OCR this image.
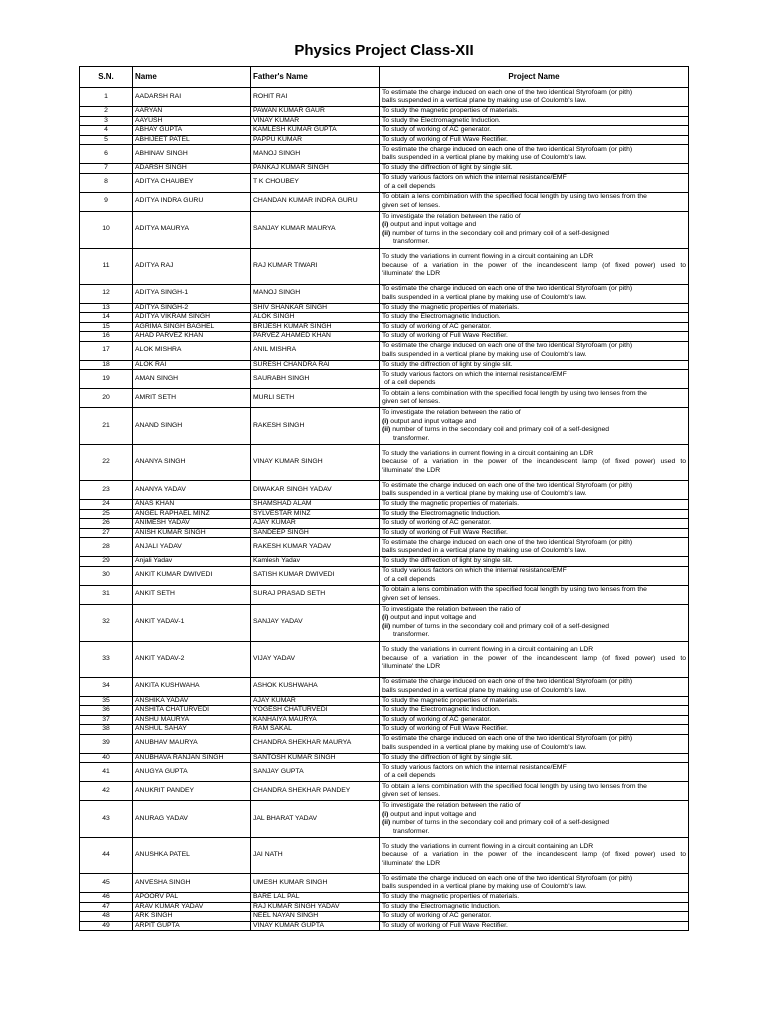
Physics Project Class-XII
S.N.	Name	Father's Name	Project Name
1	AADARSH RAI	ROHIT RAI	To estimate the charge induced on each one of the two identical Styrofoam (or pith)
balls suspended in a vertical plane by making use of Coulomb's law.

2	AARYAN	PAWAN KUMAR GAUR	To study the magnetic properties of materials.

3	AAYUSH	VINAY KUMAR	To study the Electromagnetic Induction.

4	ABHAY GUPTA	KAMLESH KUMAR GUPTA	To study of working of AC generator.

5	ABHIJEET PATEL	PAPPU KUMAR	To study of working of Full Wave Rectifier.

6	ABHINAV SINGH	MANOJ SINGH	To estimate the charge induced on each one of the two identical Styrofoam (or pith)
balls suspended in a vertical plane by making use of Coulomb's law.

7	ADARSH SINGH	PANKAJ KUMAR SINGH	To study the diffrection of light by single slit.

8	ADITYA CHAUBEY	T K CHOUBEY	To study various factors on which the internal resistance/EMF
of a cell depends

9	ADITYA INDRA GURU	CHANDAN KUMAR INDRA GURU	To obtain a lens combination with the specified focal length by using two lenses from the
given set of lenses.

10	ADITYA MAURYA	SANJAY KUMAR MAURYA	To investigate the relation between the ratio of
(i) output and input voltage and
(ii) number of turns in the secondary coil and primary coil of a self-designed
transformer.

11	ADITYA RAJ	RAJ KUMAR TIWARI	To study the variations in current flowing in a circuit containing an LDR
because of a variation in the power of the incandescent lamp (of fixed power) used to
'illuminate' the LDR

12	ADITYA SINGH-1	MANOJ SINGH	To estimate the charge induced on each one of the two identical Styrofoam (or pith)
balls suspended in a vertical plane by making use of Coulomb's law.

13	ADITYA SINGH-2	SHIV SHANKAR SINGH	To study the magnetic properties of materials.

14	ADITYA VIKRAM SINGH	ALOK SINGH	To study the Electromagnetic Induction.

15	AGRIMA SINGH BAGHEL	BRIJESH KUMAR SINGH	To study of working of AC generator.

16	AHAD PARVEZ KHAN	PARVEZ AHAMED KHAN	To study of working of Full Wave Rectifier.

17	ALOK MISHRA	ANIL MISHRA	To estimate the charge induced on each one of the two identical Styrofoam (or pith)
balls suspended in a vertical plane by making use of Coulomb's law.

18	ALOK RAI	SURESH CHANDRA RAI	To study the diffrection of light by single slit.

19	AMAN SINGH	SAURABH SINGH	To study various factors on which the internal resistance/EMF
of a cell depends

20	AMRIT SETH	MURLI SETH	To obtain a lens combination with the specified focal length by using two lenses from the
given set of lenses.

21	ANAND SINGH	RAKESH SINGH	To investigate the relation between the ratio of
(i) output and input voltage and
(ii) number of turns in the secondary coil and primary coil of a self-designed
transformer.

22	ANANYA SINGH	VINAY KUMAR SINGH	To study the variations in current flowing in a circuit containing an LDR
because of a variation in the power of the incandescent lamp (of fixed power) used to
'illuminate' the LDR

23	ANANYA YADAV	DIWAKAR SINGH YADAV	To estimate the charge induced on each one of the two identical Styrofoam (or pith)
balls suspended in a vertical plane by making use of Coulomb's law.

24	ANAS KHAN	SHAMSHAD ALAM	To study the magnetic properties of materials.

25	ANGEL RAPHAEL MINZ	SYLVESTAR MINZ	To study the Electromagnetic Induction.

26	ANIMESH YADAV	AJAY KUMAR	To study of working of AC generator.

27	ANISH KUMAR SINGH	SANDEEP SINGH	To study of working of Full Wave Rectifier.

28	ANJALI YADAV	RAKESH KUMAR YADAV	To estimate the charge induced on each one of the two identical Styrofoam (or pith)
balls suspended in a vertical plane by making use of Coulomb's law.

29	Anjali Yadav	Kamlesh Yadav	To study the diffrection of light by single slit.

30	ANKIT KUMAR DWIVEDI	SATISH KUMAR DWIVEDI	To study various factors on which the internal resistance/EMF
of a cell depends

31	ANKIT SETH	SURAJ PRASAD SETH	To obtain a lens combination with the specified focal length by using two lenses from the
given set of lenses.

32	ANKIT YADAV-1	SANJAY YADAV	To investigate the relation between the ratio of
(i) output and input voltage and
(ii) number of turns in the secondary coil and primary coil of a self-designed
transformer.

33	ANKIT YADAV-2	VIJAY YADAV	To study the variations in current flowing in a circuit containing an LDR
because of a variation in the power of the incandescent lamp (of fixed power) used to
'illuminate' the LDR

34	ANKITA KUSHWAHA	ASHOK KUSHWAHA	To estimate the charge induced on each one of the two identical Styrofoam (or pith)
balls suspended in a vertical plane by making use of Coulomb's law.

35	ANSHIKA YADAV	AJAY KUMAR	To study the magnetic properties of materials.

36	ANSHITA CHATURVEDI	YOGESH CHATURVEDI	To study the Electromagnetic Induction.

37	ANSHU MAURYA	KANHAIYA MAURYA	To study of working of AC generator.

38	ANSHUL SAHAY	RAM SAKAL	To study of working of Full Wave Rectifier.

39	ANUBHAV MAURYA	CHANDRA SHEKHAR MAURYA	To estimate the charge induced on each one of the two identical Styrofoam (or pith)
balls suspended in a vertical plane by making use of Coulomb's law.

40	ANUBHAVA RANJAN SINGH	SANTOSH KUMAR SINGH	To study the diffrection of light by single slit.

41	ANUGYA GUPTA	SANJAY GUPTA	To study various factors on which the internal resistance/EMF
of a cell depends

42	ANUKRIT PANDEY	CHANDRA SHEKHAR PANDEY	To obtain a lens combination with the specified focal length by using two lenses from the
given set of lenses.

43	ANURAG YADAV	JAL BHARAT YADAV	To investigate the relation between the ratio of
(i) output and input voltage and
(ii) number of turns in the secondary coil and primary coil of a self-designed
transformer.

44	ANUSHKA PATEL	JAI NATH	To study the variations in current flowing in a circuit containing an LDR
because of a variation in the power of the incandescent lamp (of fixed power) used to
'illuminate' the LDR

45	ANVESHA SINGH	UMESH KUMAR SINGH	To estimate the charge induced on each one of the two identical Styrofoam (or pith)
balls suspended in a vertical plane by making use of Coulomb's law.

46	APOORV PAL	BARE LAL PAL	To study the magnetic properties of materials.

47	ARAV KUMAR YADAV	RAJ KUMAR SINGH YADAV	To study the Electromagnetic Induction.

48	ARK SINGH	NEEL NAYAN SINGH	To study of working of AC generator.

49	ARPIT GUPTA	VINAY KUMAR GUPTA	To study of working of Full Wave Rectifier.
